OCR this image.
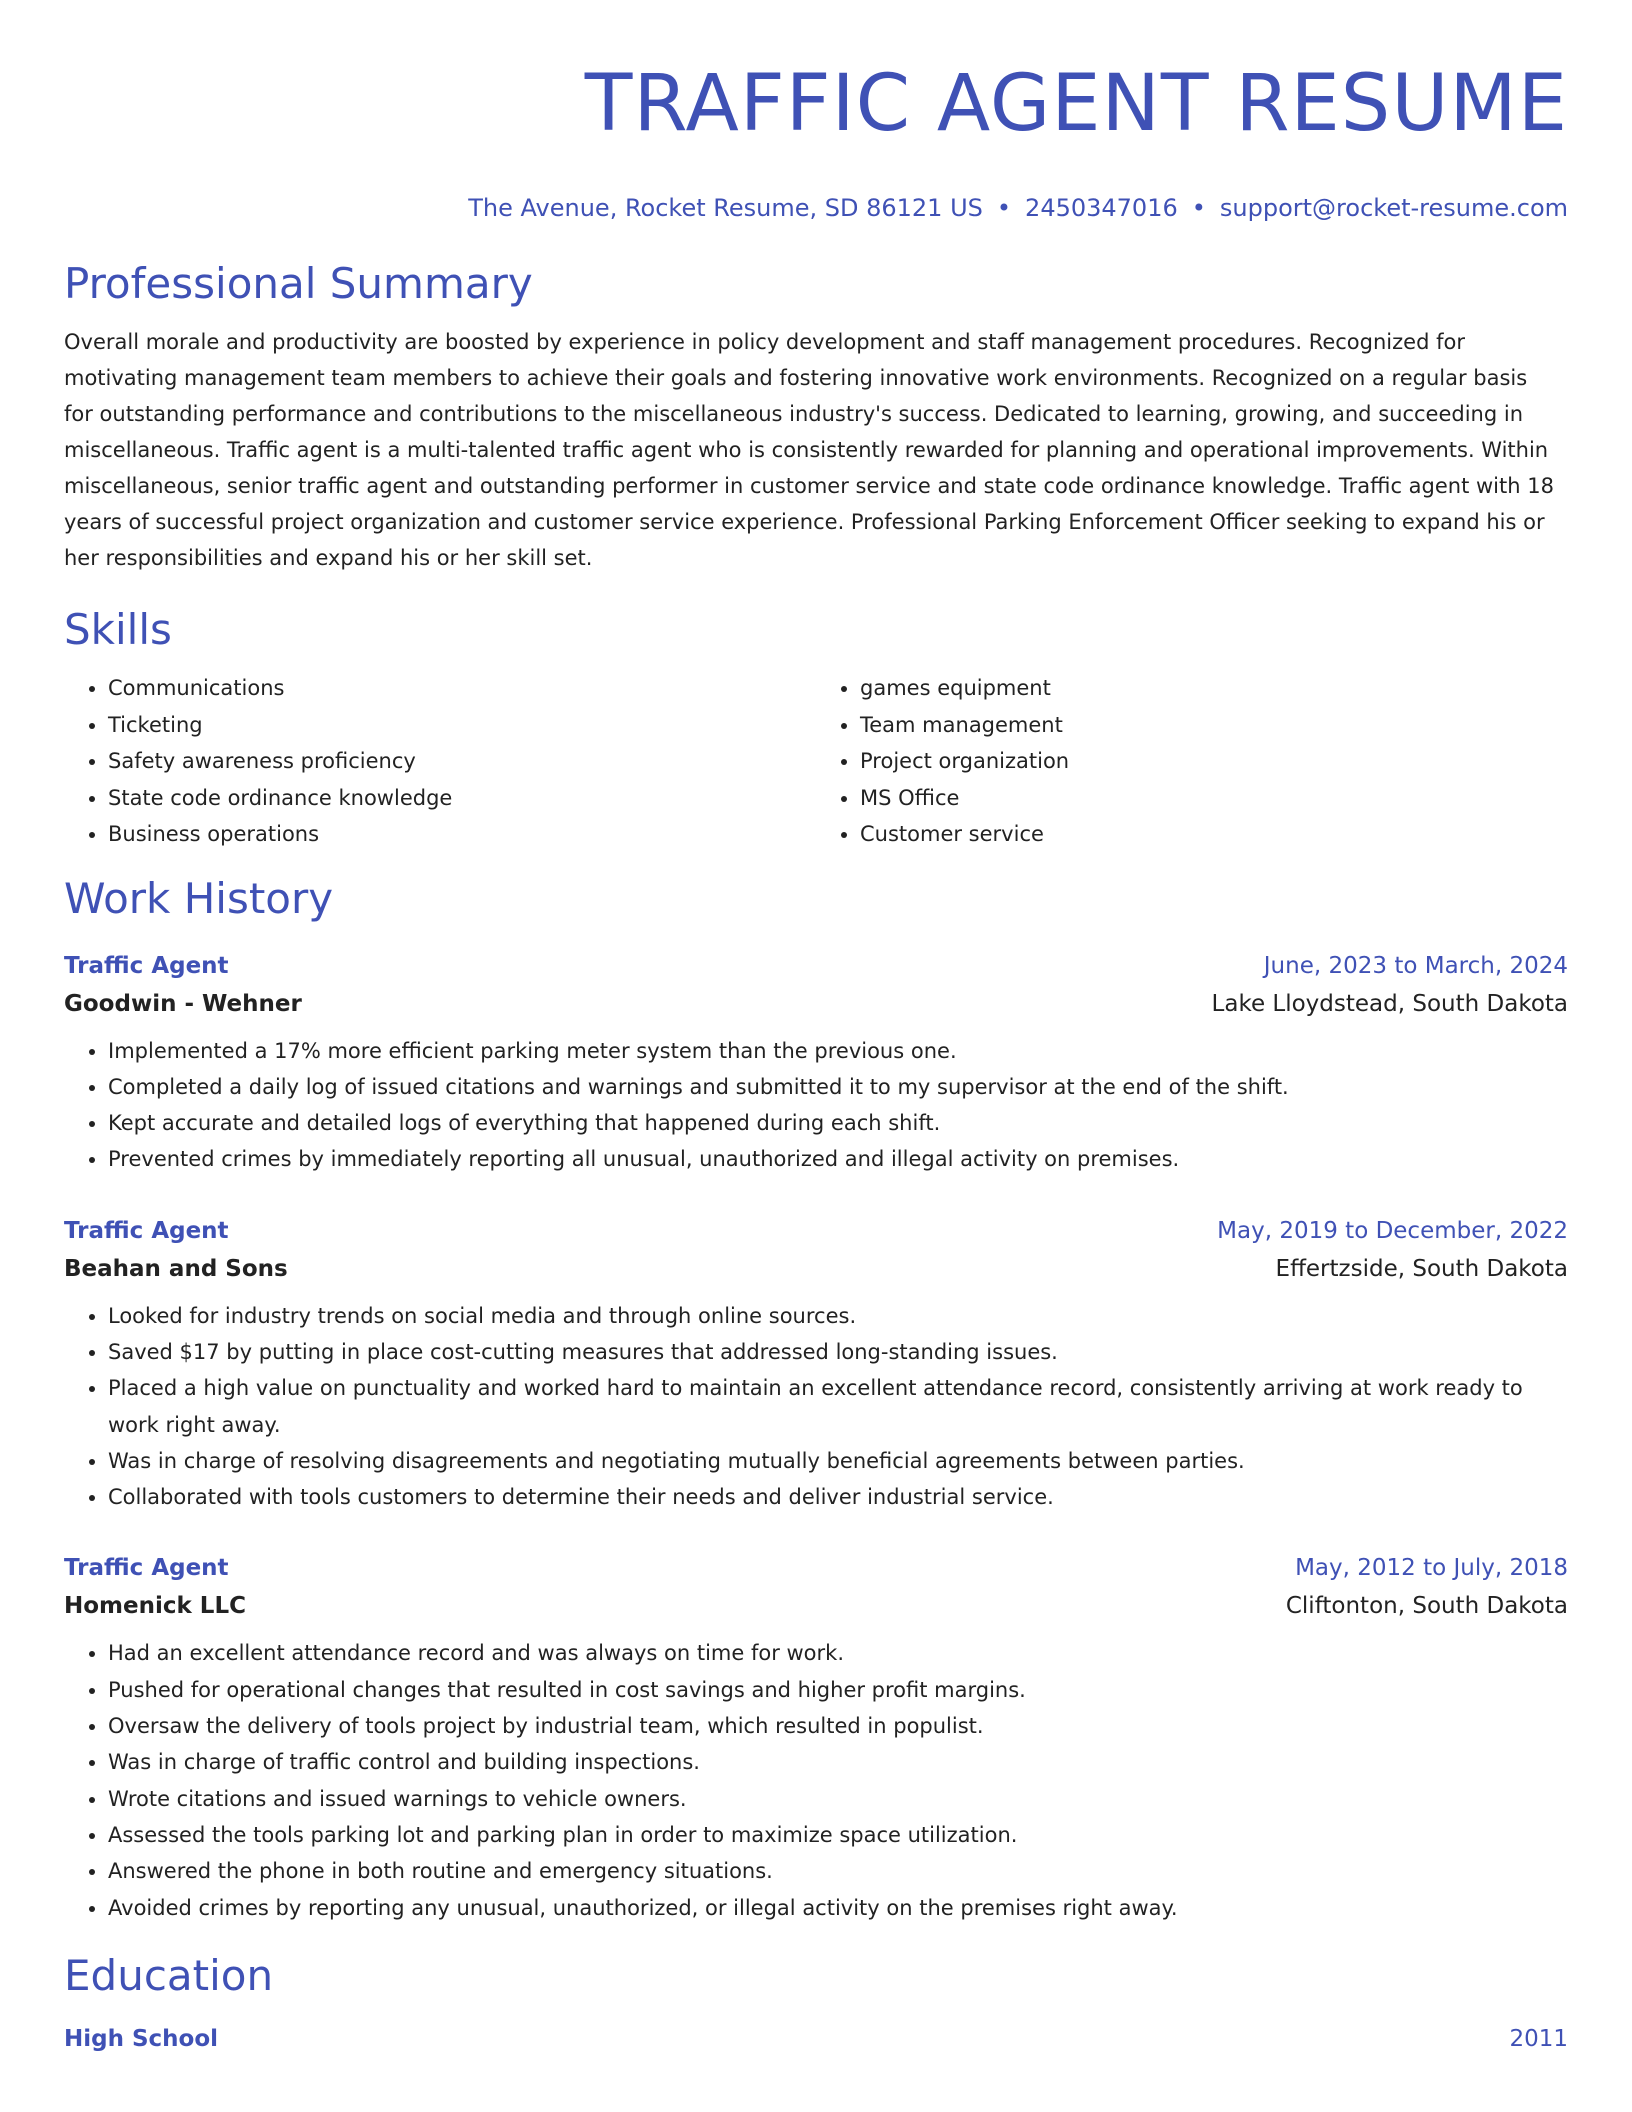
TRAFFIC AGENT RESUME
The Avenue, Rocket Resume, SD 86121 US • 2450347016 • support@rocket-resume.com
Professional Summary
Overall morale and productivity are boosted by experience in policy development and staff management procedures. Recognized for motivating management team members to achieve their goals and fostering innovative work environments. Recognized on a regular basis for outstanding performance and contributions to the miscellaneous industry's success. Dedicated to learning, growing, and succeeding in miscellaneous. Traffic agent is a multi-talented traffic agent who is consistently rewarded for planning and operational improvements. Within miscellaneous, senior traffic agent and outstanding performer in customer service and state code ordinance knowledge. Traffic agent with 18 years of successful project organization and customer service experience. Professional Parking Enforcement Officer seeking to expand his or her responsibilities and expand his or her skill set.
Skills
• Communications
• Ticketing
• Safety awareness proficiency
• State code ordinance knowledge
• Business operations
• games equipment
• Team management
• Project organization
• MS Office
• Customer service
Work History
Traffic Agent	June, 2023 to March, 2024
Goodwin - Wehner	Lake Lloydstead, South Dakota
• Implemented a 17% more efficient parking meter system than the previous one.
• Completed a daily log of issued citations and warnings and submitted it to my supervisor at the end of the shift.
• Kept accurate and detailed logs of everything that happened during each shift.
• Prevented crimes by immediately reporting all unusual, unauthorized and illegal activity on premises.
Traffic Agent	May, 2019 to December, 2022
Beahan and Sons	Effertzside, South Dakota
• Looked for industry trends on social media and through online sources.
• Saved $17 by putting in place cost-cutting measures that addressed long-standing issues.
• Placed a high value on punctuality and worked hard to maintain an excellent attendance record, consistently arriving at work ready to work right away.
• Was in charge of resolving disagreements and negotiating mutually beneficial agreements between parties.
• Collaborated with tools customers to determine their needs and deliver industrial service.
Traffic Agent	May, 2012 to July, 2018
Homenick LLC	Cliftonton, South Dakota
• Had an excellent attendance record and was always on time for work.
• Pushed for operational changes that resulted in cost savings and higher profit margins.
• Oversaw the delivery of tools project by industrial team, which resulted in populist.
• Was in charge of traffic control and building inspections.
• Wrote citations and issued warnings to vehicle owners.
• Assessed the tools parking lot and parking plan in order to maximize space utilization.
• Answered the phone in both routine and emergency situations.
• Avoided crimes by reporting any unusual, unauthorized, or illegal activity on the premises right away.
Education
High School	2011
